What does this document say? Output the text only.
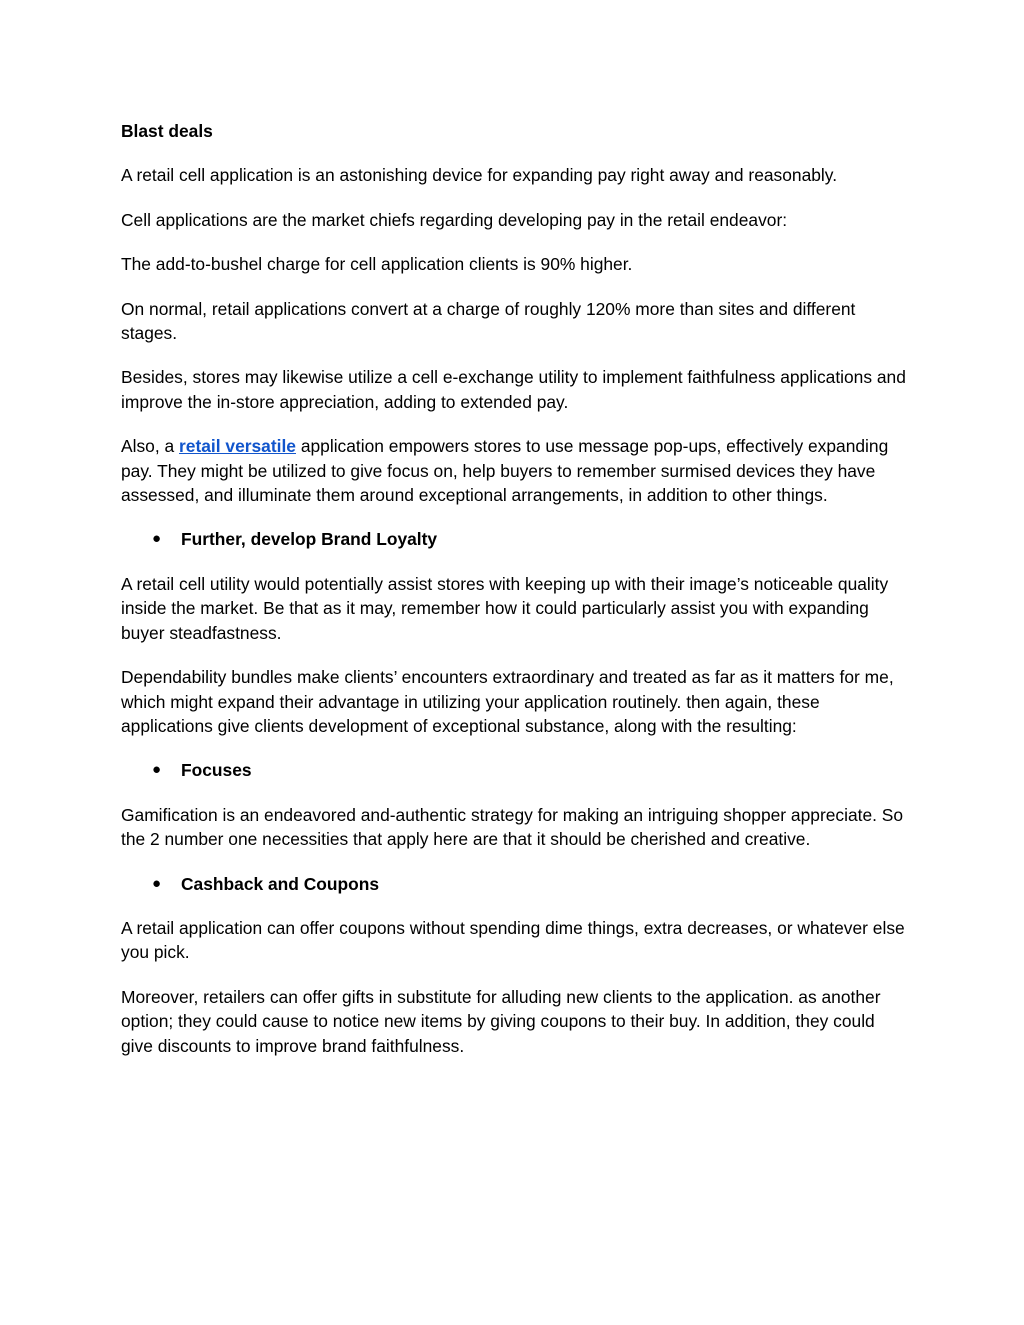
Blast deals

A retail cell application is an astonishing device for expanding pay right away and reasonably.

Cell applications are the market chiefs regarding developing pay in the retail endeavor:

The add-to-bushel charge for cell application clients is 90% higher.

On normal, retail applications convert at a charge of roughly 120% more than sites and different stages.

Besides, stores may likewise utilize a cell e-exchange utility to implement faithfulness applications and improve the in-store appreciation, adding to extended pay.

Also, a retail versatile application empowers stores to use message pop-ups, effectively expanding pay. They might be utilized to give focus on, help buyers to remember surmised devices they have assessed, and illuminate them around exceptional arrangements, in addition to other things.

● Further, develop Brand Loyalty

A retail cell utility would potentially assist stores with keeping up with their image’s noticeable quality inside the market. Be that as it may, remember how it could particularly assist you with expanding buyer steadfastness.

Dependability bundles make clients’ encounters extraordinary and treated as far as it matters for me, which might expand their advantage in utilizing your application routinely. then again, these applications give clients development of exceptional substance, along with the resulting:

● Focuses

Gamification is an endeavored and-authentic strategy for making an intriguing shopper appreciate. So the 2 number one necessities that apply here are that it should be cherished and creative.

● Cashback and Coupons

A retail application can offer coupons without spending dime things, extra decreases, or whatever else you pick.

Moreover, retailers can offer gifts in substitute for alluding new clients to the application. as another option; they could cause to notice new items by giving coupons to their buy. In addition, they could give discounts to improve brand faithfulness.
